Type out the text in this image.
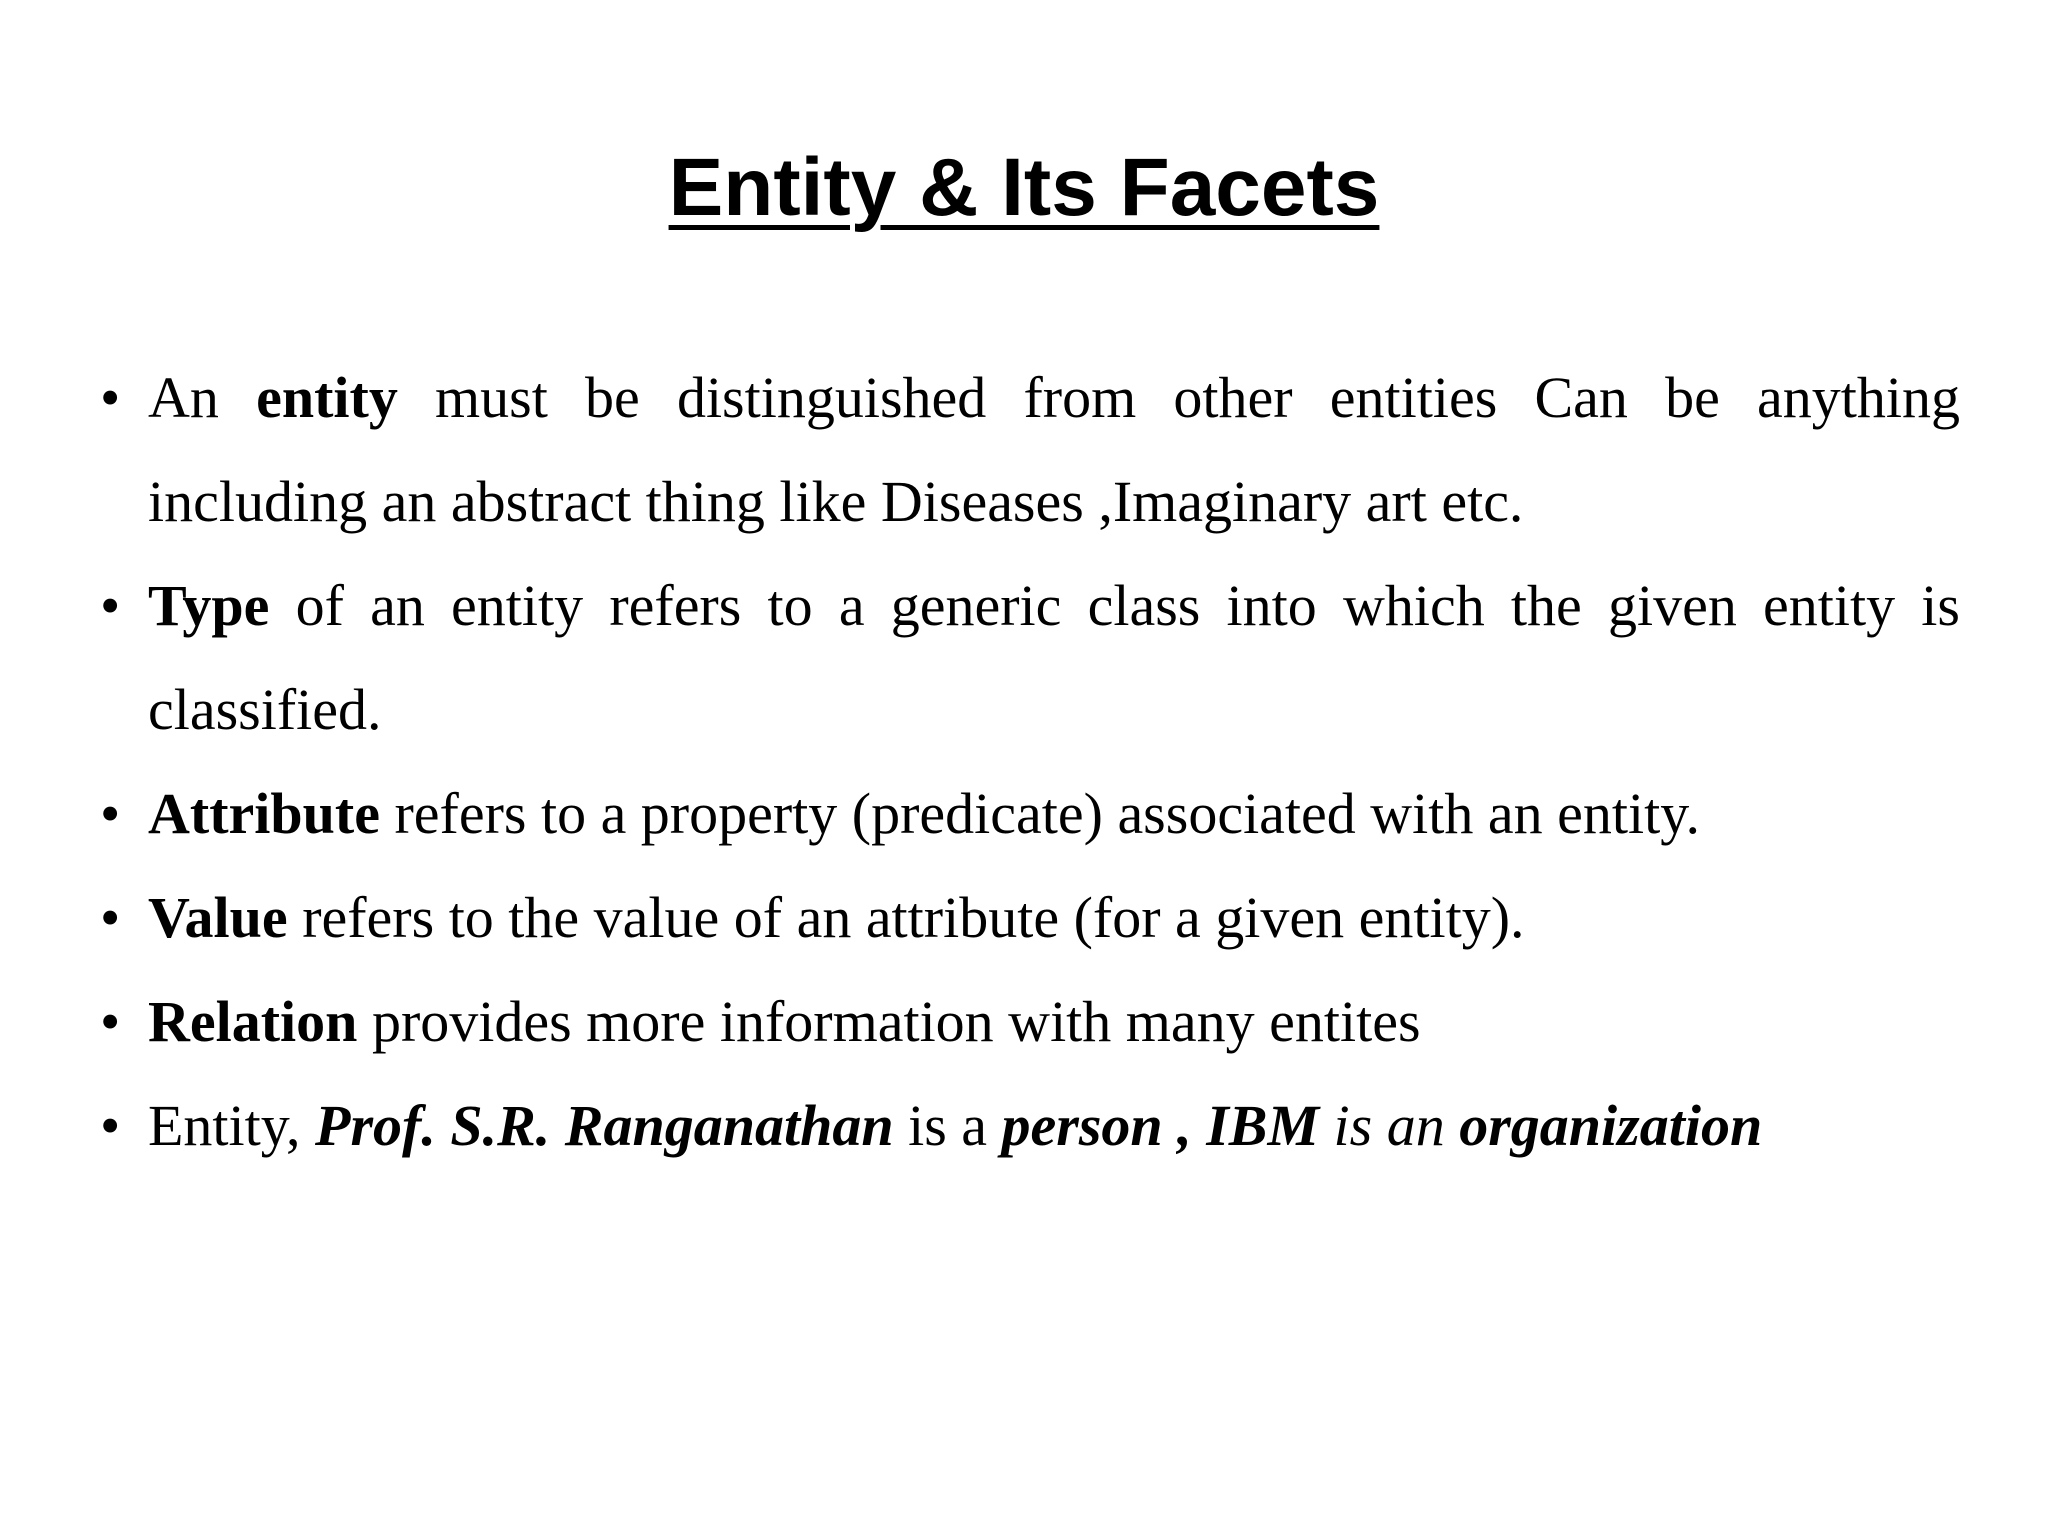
Entity & Its Facets
• An entity must be distinguished from other entities Can be anything including an abstract thing like Diseases ,Imaginary art etc.
• Type of an entity refers to a generic class into which the given entity is classified.
• Attribute refers to a property (predicate) associated with an entity.
• Value refers to the value of an attribute (for a given entity).
• Relation provides more information with many entites
• Entity, Prof. S.R. Ranganathan is a person , IBM is an organization
